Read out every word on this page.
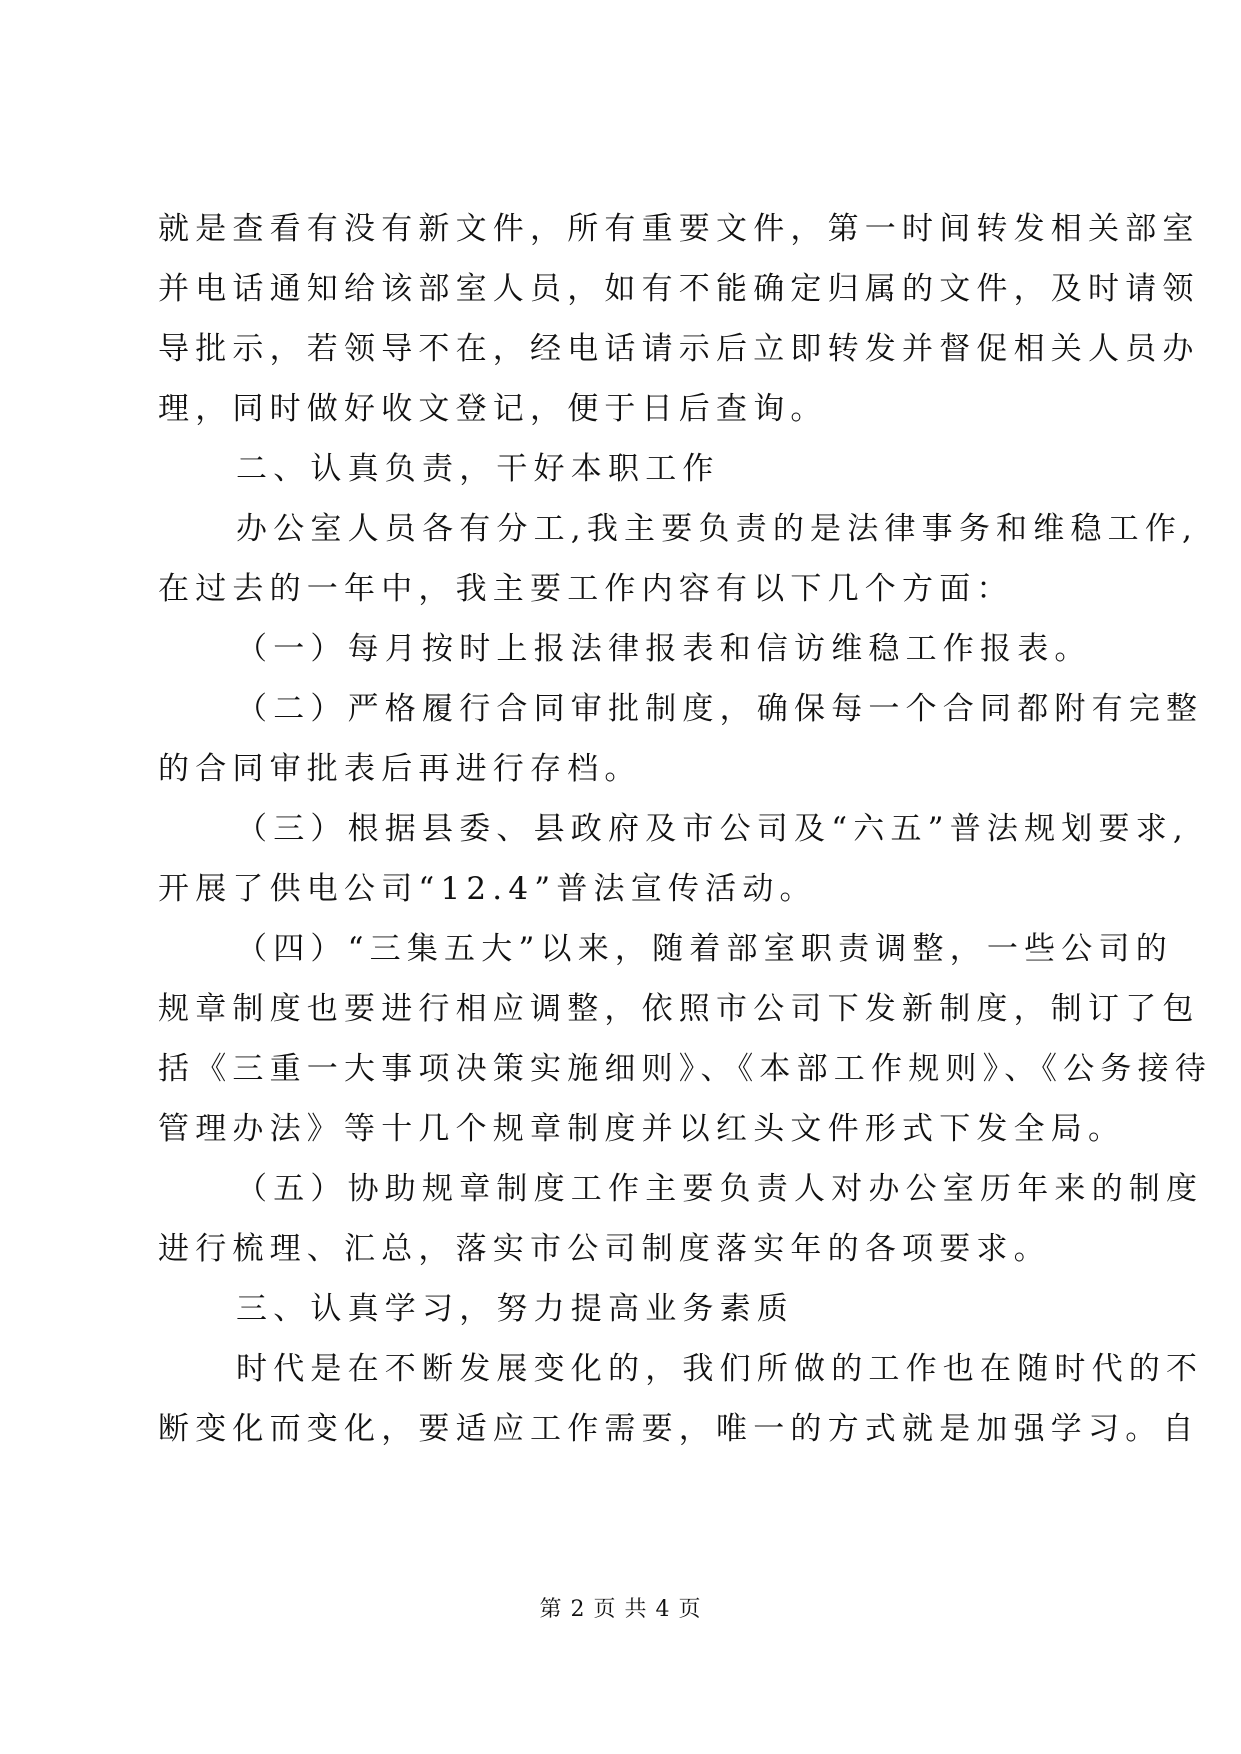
就是查看有没有新文件，所有重要文件，第一时间转发相关部室
并电话通知给该部室人员，如有不能确定归属的文件，及时请领
导批示，若领导不在，经电话请示后立即转发并督促相关人员办
理，同时做好收文登记，便于日后查询。
二、认真负责，干好本职工作
办公室人员各有分工,我主要负责的是法律事务和维稳工作,
在过去的一年中，我主要工作内容有以下几个方面：
（一）每月按时上报法律报表和信访维稳工作报表。
（二）严格履行合同审批制度，确保每一个合同都附有完整
的合同审批表后再进行存档。
（三）根据县委、县政府及市公司及“六五”普法规划要求,
开展了供电公司“12.4”普法宣传活动。
（四）“三集五大”以来，随着部室职责调整，一些公司的
规章制度也要进行相应调整，依照市公司下发新制度，制订了包
括《三重一大事项决策实施细则》、《本部工作规则》、《公务接待
管理办法》等十几个规章制度并以红头文件形式下发全局。
（五）协助规章制度工作主要负责人对办公室历年来的制度
进行梳理、汇总，落实市公司制度落实年的各项要求。
三、认真学习，努力提高业务素质
时代是在不断发展变化的，我们所做的工作也在随时代的不
断变化而变化，要适应工作需要，唯一的方式就是加强学习。自
第 2 页 共 4 页
